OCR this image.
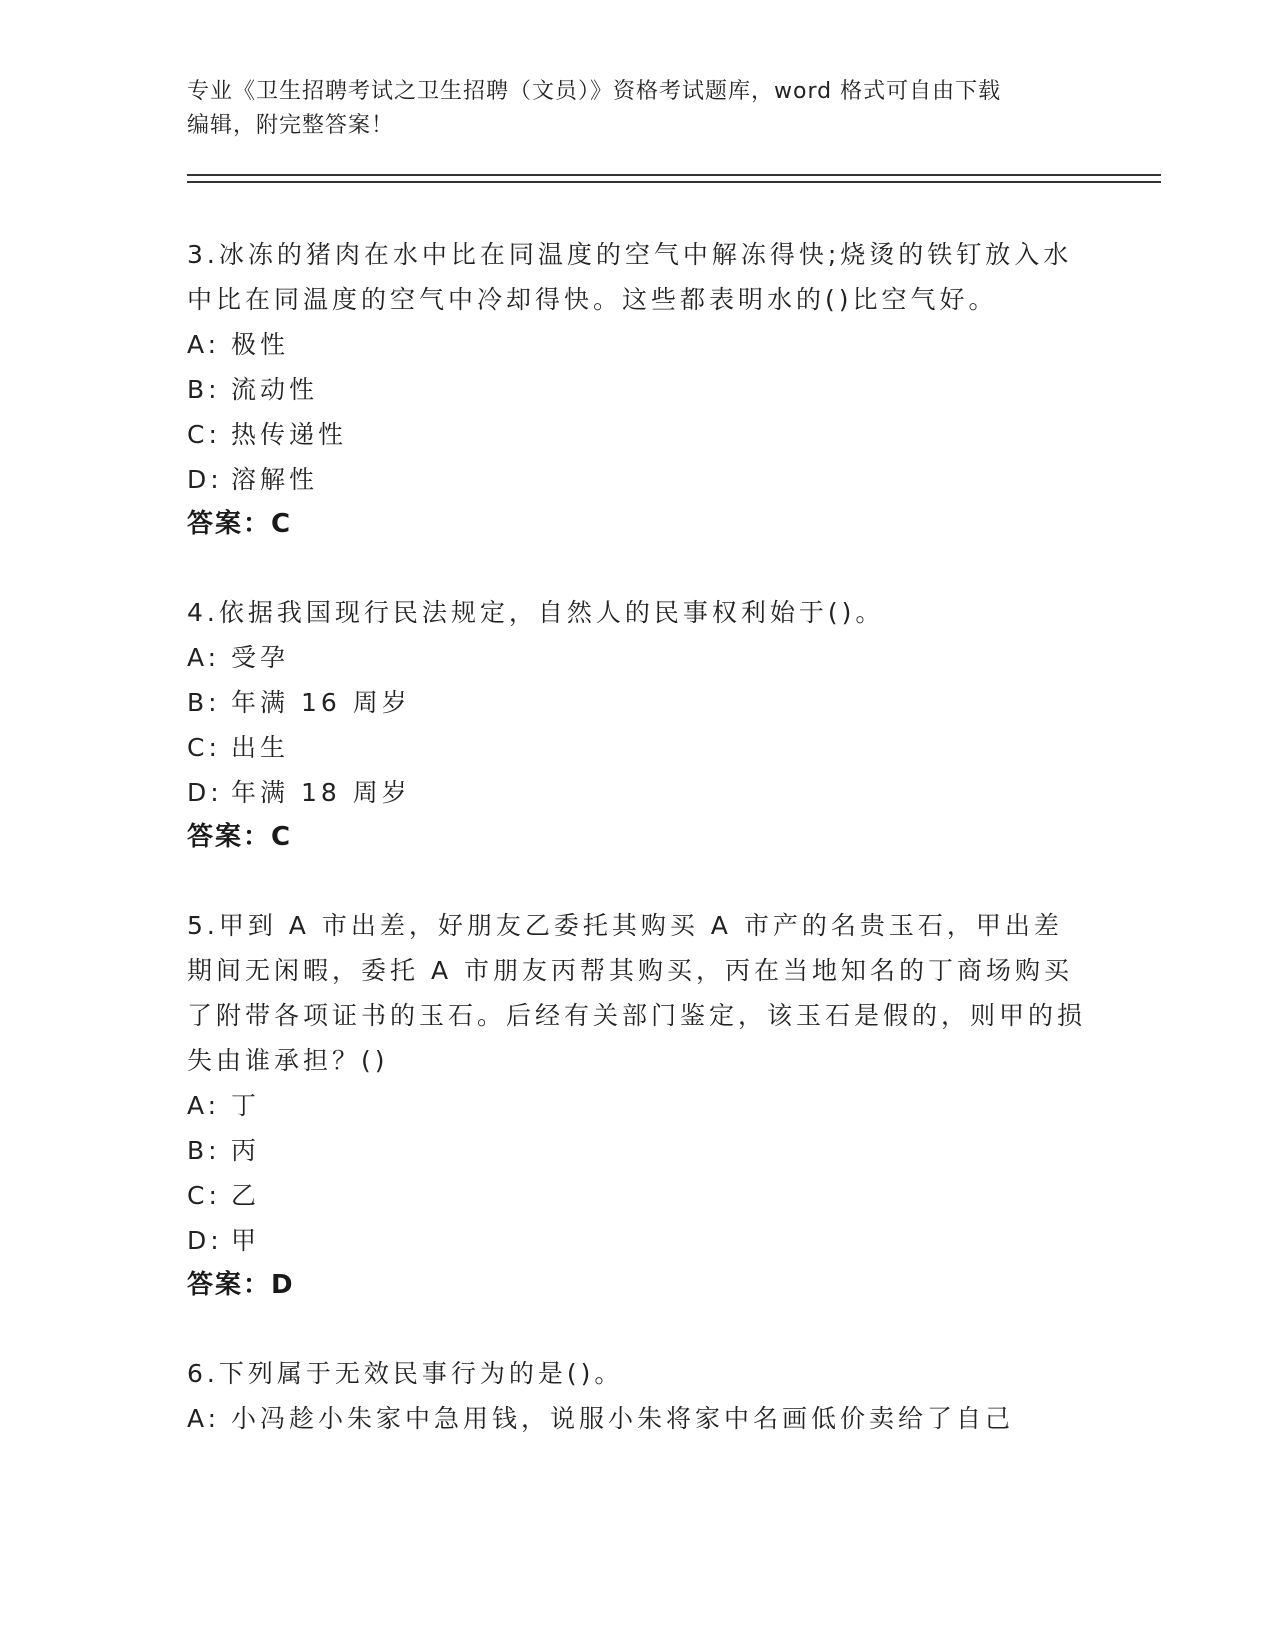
专业《卫生招聘考试之卫生招聘（文员）》资格考试题库，word 格式可自由下载
编辑，附完整答案！
3.冰冻的猪肉在水中比在同温度的空气中解冻得快;烧烫的铁钉放入水中比在同温度的空气中冷却得快。这些都表明水的()比空气好。
A: 极性
B: 流动性
C: 热传递性
D: 溶解性
答案：C
4.依据我国现行民法规定，自然人的民事权利始于()。
A: 受孕
B: 年满 16 周岁
C: 出生
D: 年满 18 周岁
答案：C
5.甲到 A 市出差，好朋友乙委托其购买 A 市产的名贵玉石，甲出差期间无闲暇，委托 A 市朋友丙帮其购买，丙在当地知名的丁商场购买了附带各项证书的玉石。后经有关部门鉴定，该玉石是假的，则甲的损失由谁承担？()
A: 丁
B: 丙
C: 乙
D: 甲
答案：D
6.下列属于无效民事行为的是()。
A: 小冯趁小朱家中急用钱，说服小朱将家中名画低价卖给了自己
